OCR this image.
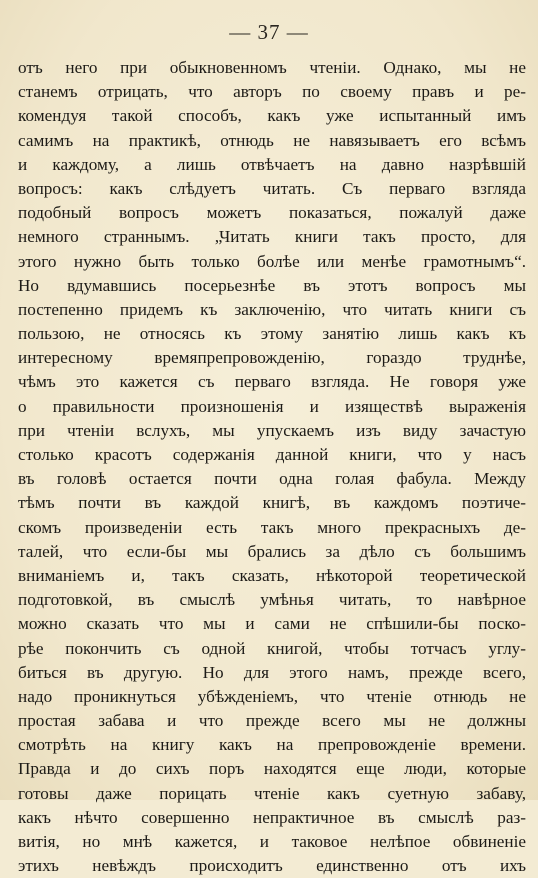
— 37 —
отъ него при обыкновенномъ чтеніи. Однако, мы не
станемъ отрицать, что авторъ по своему правъ и ре-
комендуя такой способъ, какъ уже испытанный имъ
самимъ на практикѣ, отнюдь не навязываетъ его всѣмъ
и каждому, а лишь отвѣчаетъ на давно назрѣвшій
вопросъ: какъ слѣдуетъ читать. Съ перваго взгляда
подобный вопросъ можетъ показаться, пожалуй даже
немного страннымъ. „Читать книги такъ просто, для
этого нужно быть только болѣе или менѣе грамотнымъ“.
Но вдумавшись посерьезнѣе въ этотъ вопросъ мы
постепенно придемъ къ заключенію, что читать книги съ
пользою, не относясь къ этому занятію лишь какъ къ
интересному времяпрепровожденію, гораздо труднѣе,
чѣмъ это кажется съ перваго взгляда. Не говоря уже
о правильности произношенія и изяществѣ выраженія
при чтеніи вслухъ, мы упускаемъ изъ виду зачастую
столько красотъ содержанія данной книги, что у насъ
въ головѣ остается почти одна голая фабула. Между
тѣмъ почти въ каждой книгѣ, въ каждомъ поэтиче-
скомъ произведеніи есть такъ много прекрасныхъ де-
талей, что если-бы мы брались за дѣло съ большимъ
вниманіемъ и, такъ сказать, нѣкоторой теоретической
подготовкой, въ смыслѣ умѣнья читать, то навѣрное
можно сказать что мы и сами не спѣшили-бы поско-
рѣе покончить съ одной книгой, чтобы тотчасъ углу-
биться въ другую. Но для этого намъ, прежде всего,
надо проникнуться убѣжденіемъ, что чтеніе отнюдь не
простая забава и что прежде всего мы не должны
смотрѣть на книгу какъ на препровожденіе времени.
Правда и до сихъ поръ находятся еще люди, которые
готовы даже порицать чтеніе какъ суетную забаву,
какъ нѣчто совершенно непрактичное въ смыслѣ раз-
витія, но мнѣ кажется, и таковое нелѣпое обвиненіе
этихъ невѣждъ происходитъ единственно отъ ихъ
